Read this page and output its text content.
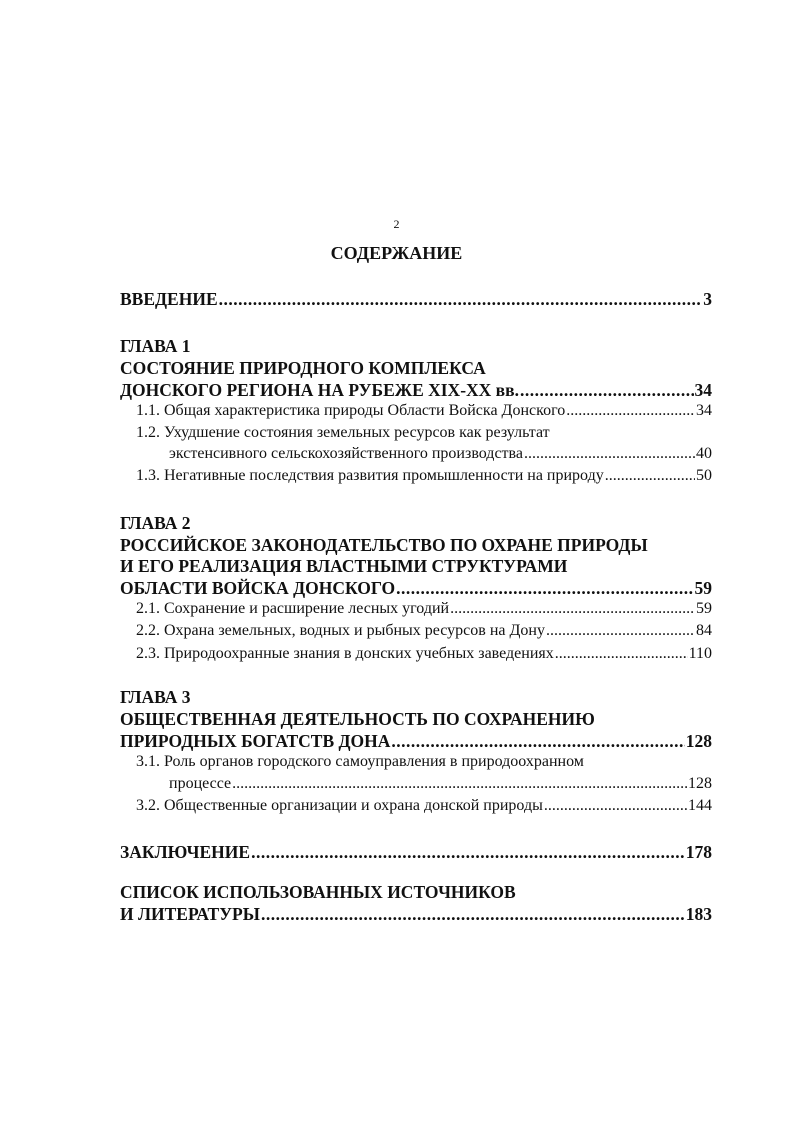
2
СОДЕРЖАНИЕ
ВВЕДЕНИЕ .....	3
ГЛАВА 1
СОСТОЯНИЕ ПРИРОДНОГО КОМПЛЕКСА
ДОНСКОГО РЕГИОНА НА РУБЕЖЕ XIX-XX вв. .....	34
1.1. Общая характеристика природы Области Войска Донского .....	34
1.2. Ухудшение состояния земельных ресурсов как результат
экстенсивного сельскохозяйственного производства .....	40
1.3. Негативные последствия развития промышленности на природу .....	50
ГЛАВА 2
РОССИЙСКОЕ ЗАКОНОДАТЕЛЬСТВО ПО ОХРАНЕ ПРИРОДЫ
И ЕГО РЕАЛИЗАЦИЯ ВЛАСТНЫМИ СТРУКТУРАМИ
ОБЛАСТИ ВОЙСКА ДОНСКОГО .....	59
2.1. Сохранение и расширение лесных угодий .....	59
2.2. Охрана земельных, водных и рыбных ресурсов на Дону .....	84
2.3. Природоохранные знания в донских учебных заведениях .....	110
ГЛАВА 3
ОБЩЕСТВЕННАЯ ДЕЯТЕЛЬНОСТЬ ПО СОХРАНЕНИЮ
ПРИРОДНЫХ БОГАТСТВ ДОНА .....	128
3.1. Роль органов городского самоуправления в природоохранном
процессе .....	128
3.2. Общественные организации и охрана донской природы .....	144
ЗАКЛЮЧЕНИЕ .....	178
СПИСОК ИСПОЛЬЗОВАННЫХ ИСТОЧНИКОВ
И ЛИТЕРАТУРЫ .....	183
